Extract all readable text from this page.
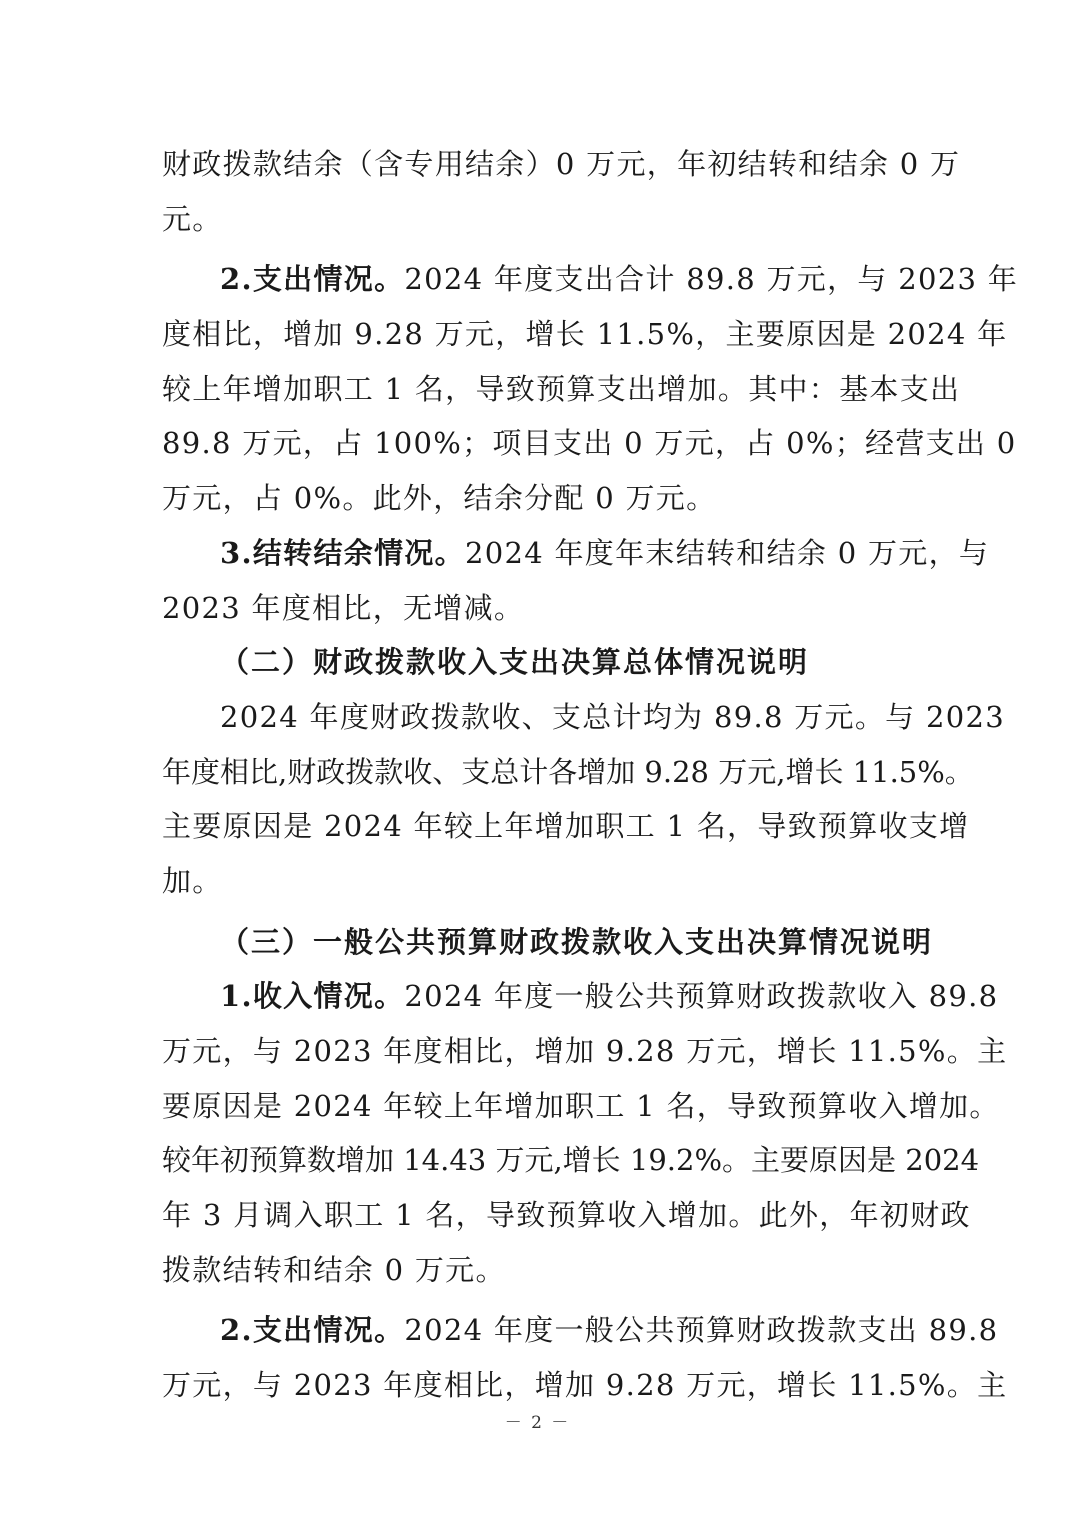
财政拨款结余（含专用结余）0 万元，年初结转和结余 0 万
元。
2.支出情况。2024 年度支出合计 89.8 万元，与 2023 年
度相比，增加 9.28 万元，增长 11.5%，主要原因是 2024 年
较上年增加职工 1 名，导致预算支出增加。其中：基本支出
89.8 万元，占 100%；项目支出 0 万元，占 0%；经营支出 0
万元，占 0%。此外，结余分配 0 万元。
3.结转结余情况。2024 年度年末结转和结余 0 万元，与
2023 年度相比，无增减。
（二）财政拨款收入支出决算总体情况说明
2024 年度财政拨款收、支总计均为 89.8 万元。与 2023
年度相比,财政拨款收、支总计各增加 9.28 万元,增长 11.5%。
主要原因是 2024 年较上年增加职工 1 名，导致预算收支增
加。
（三）一般公共预算财政拨款收入支出决算情况说明
1.收入情况。2024 年度一般公共预算财政拨款收入 89.8
万元，与 2023 年度相比，增加 9.28 万元，增长 11.5%。主
要原因是 2024 年较上年增加职工 1 名，导致预算收入增加。
较年初预算数增加 14.43 万元,增长 19.2%。主要原因是 2024
年 3 月调入职工 1 名，导致预算收入增加。此外，年初财政
拨款结转和结余 0 万元。
2.支出情况。2024 年度一般公共预算财政拨款支出 89.8
万元，与 2023 年度相比，增加 9.28 万元，增长 11.5%。主
－ 2 －
